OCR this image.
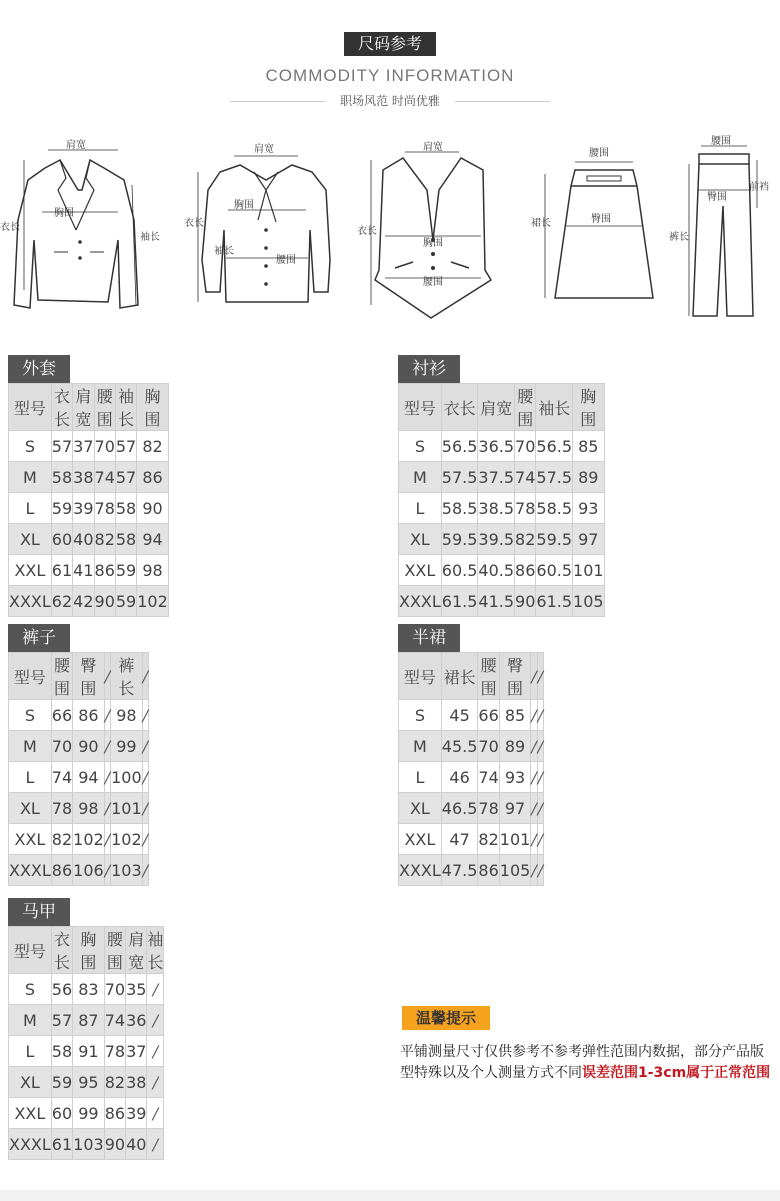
尺码参考
COMMODITY INFORMATION
职场风范 时尚优雅
肩宽
胸围
衣长
袖长
肩宽
胸围
衣长
袖长
腰围
肩宽
衣长
胸围
腰围
腰围
臀围
裙长
腰围
臀围
裤长
前裆
外套
型号	衣长	肩宽	腰围	袖长	胸围
S	57	37	70	57	82
M	58	38	74	57	86
L	59	39	78	58	90
XL	60	40	82	58	94
XXL	61	41	86	59	98
XXXL	62	42	90	59	102
衬衫
型号	衣长	肩宽	腰围	袖长	胸围
S	56.5	36.5	70	56.5	85
M	57.5	37.5	74	57.5	89
L	58.5	38.5	78	58.5	93
XL	59.5	39.5	82	59.5	97
XXL	60.5	40.5	86	60.5	101
XXXL	61.5	41.5	90	61.5	105
裤子
型号	腰围	臀围	/	裤长	/
S	66	86	/	98	/
M	70	90	/	99	/
L	74	94	/	100	/
XL	78	98	/	101	/
XXL	82	102	/	102	/
XXXL	86	106	/	103	/
半裙
型号	裙长	腰围	臀围	/	/
S	45	66	85	/	/
M	45.5	70	89	/	/
L	46	74	93	/	/
XL	46.5	78	97	/	/
XXL	47	82	101	/	/
XXXL	47.5	86	105	/	/
马甲
型号	衣长	胸围	腰围	肩宽	袖长
S	56	83	70	35	/
M	57	87	74	36	/
L	58	91	78	37	/
XL	59	95	82	38	/
XXL	60	99	86	39	/
XXXL	61	103	90	40	/
温馨提示
平铺测量尺寸仅供参考不参考弹性范围内数据，部分产品版型特殊以及个人测量方式不同误差范围1-3cm属于正常范围
